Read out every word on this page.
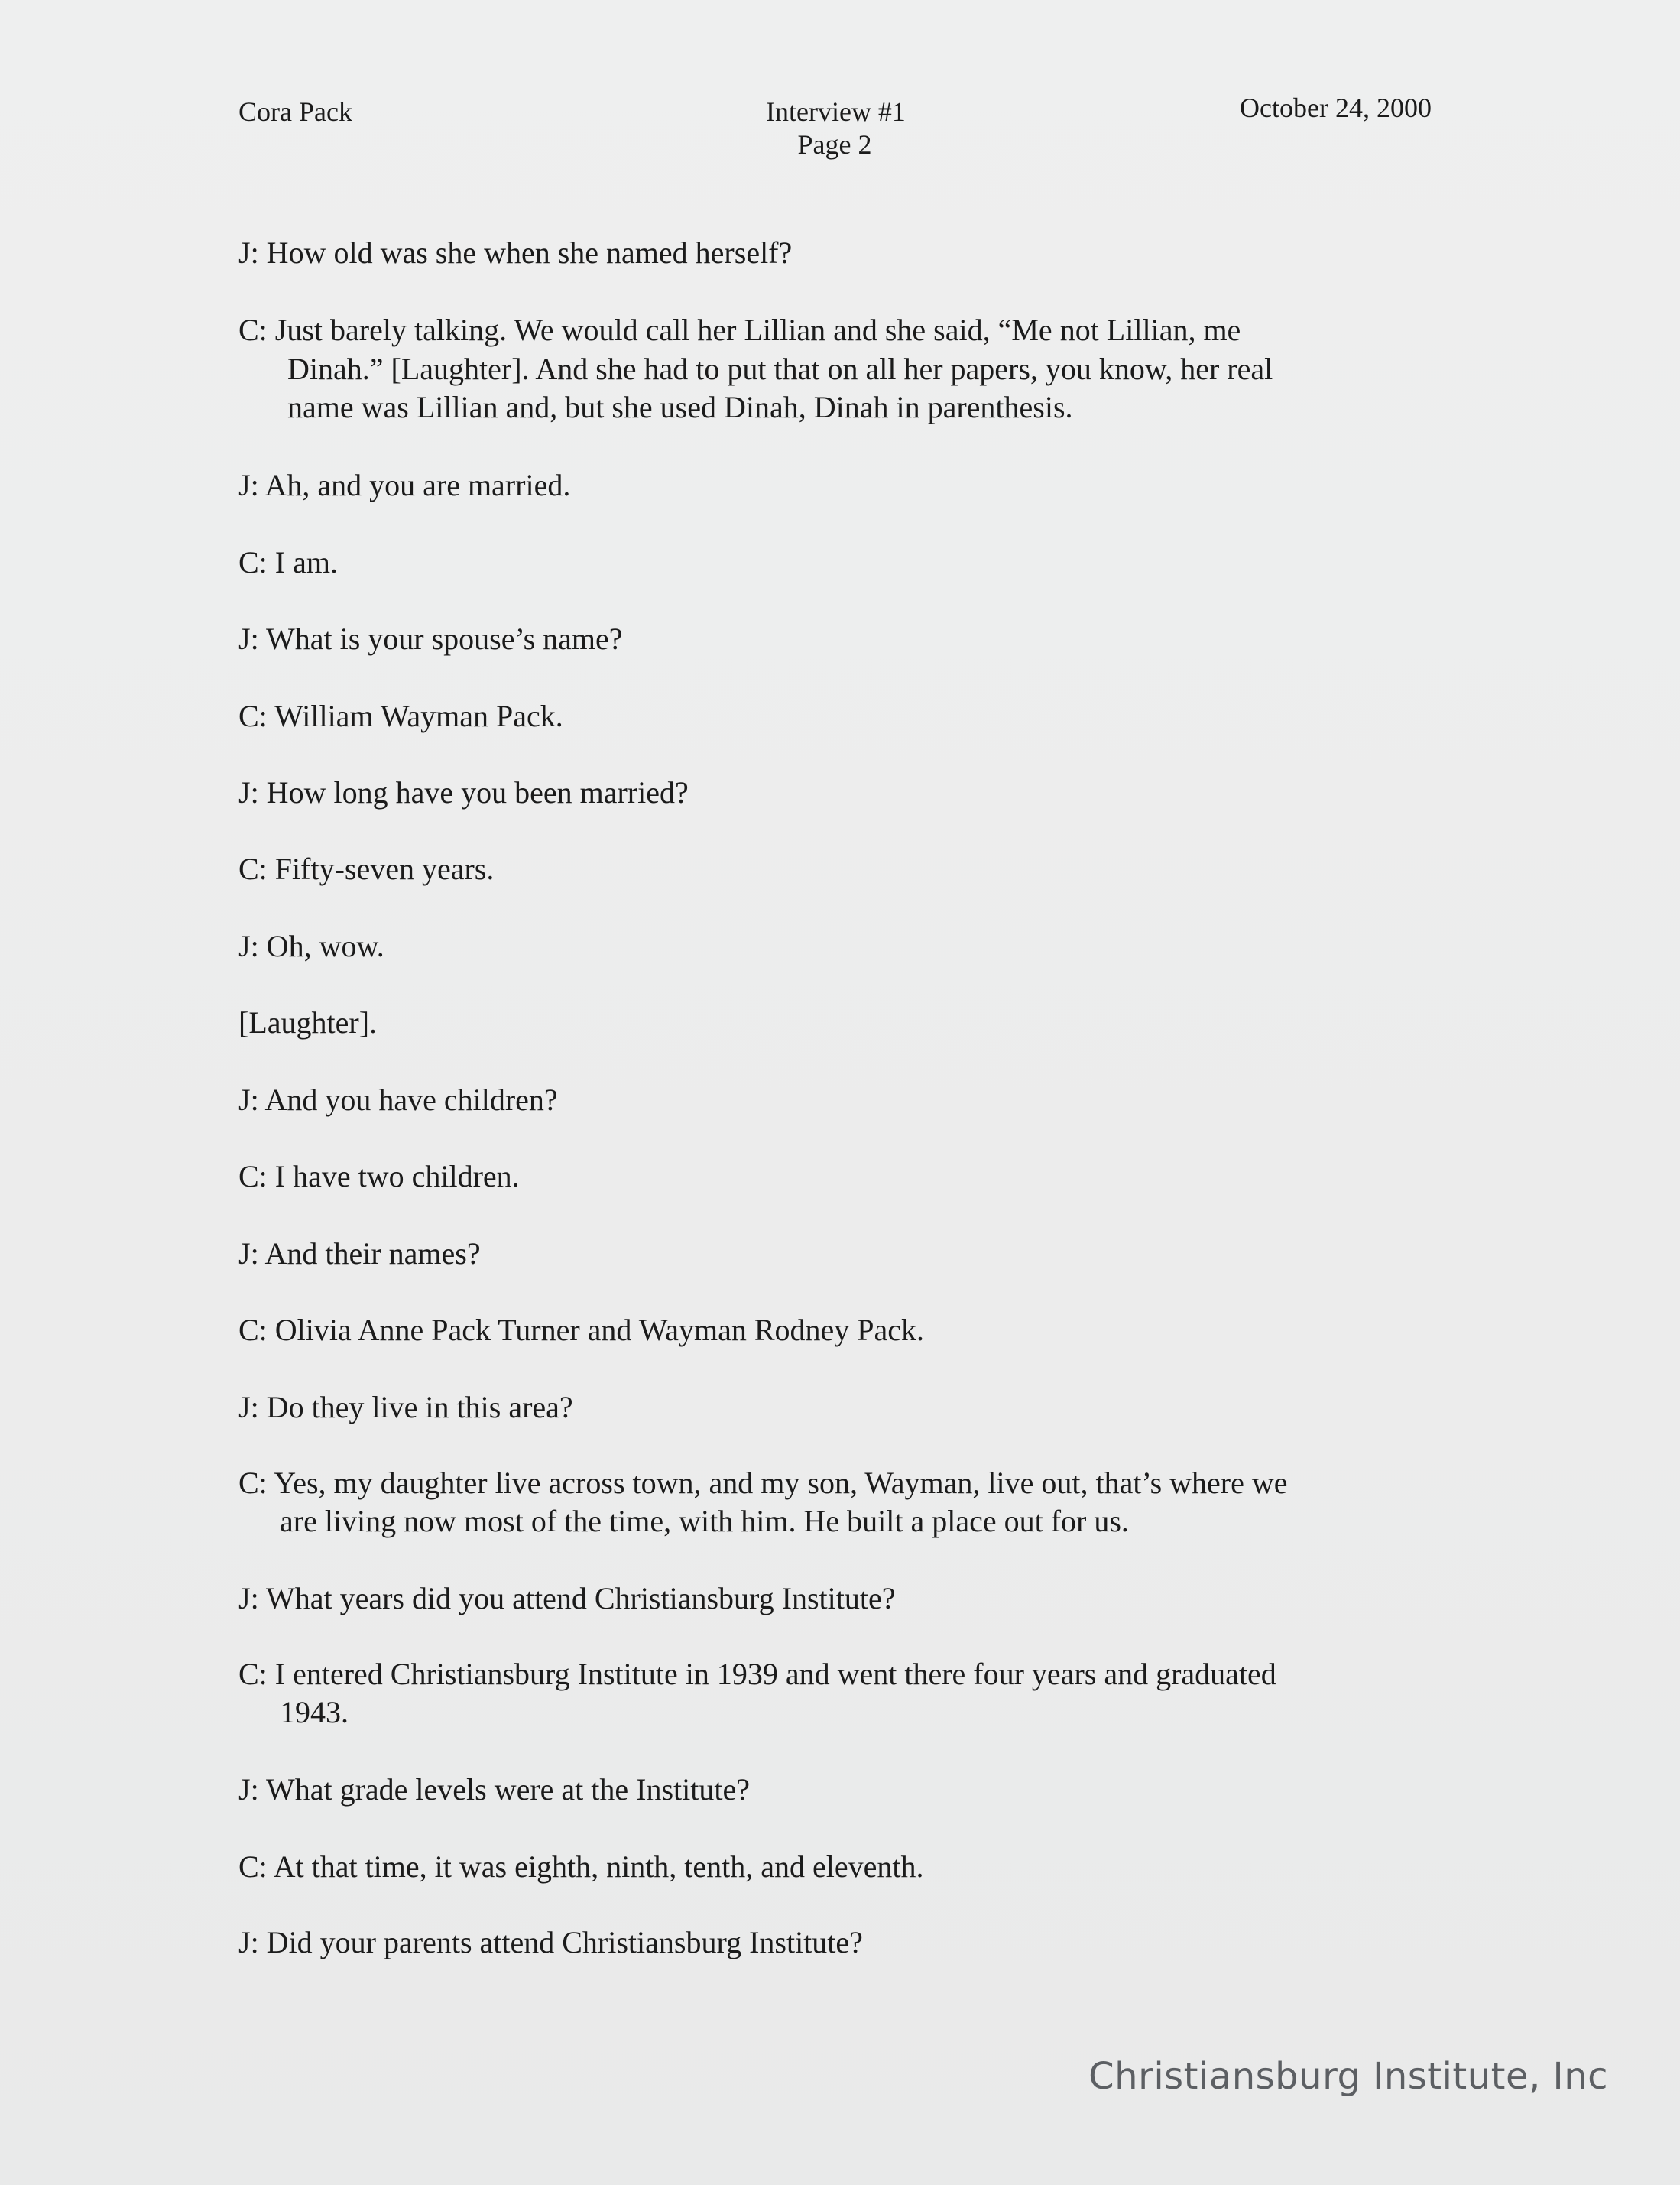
Cora Pack	Interview #1
Page 2
October 24, 2000
J: How old was she when she named herself?
C: Just barely talking. We would call her Lillian and she said, “Me not Lillian, me
Dinah.” [Laughter]. And she had to put that on all her papers, you know, her real
name was Lillian and, but she used Dinah, Dinah in parenthesis.
J: Ah, and you are married.
C: I am.
J: What is your spouse’s name?
C: William Wayman Pack.
J: How long have you been married?
C: Fifty-seven years.
J: Oh, wow.
[Laughter].
J: And you have children?
C: I have two children.
J: And their names?
C: Olivia Anne Pack Turner and Wayman Rodney Pack.
J: Do they live in this area?
C: Yes, my daughter live across town, and my son, Wayman, live out, that’s where we
are living now most of the time, with him. He built a place out for us.
J: What years did you attend Christiansburg Institute?
C: I entered Christiansburg Institute in 1939 and went there four years and graduated
1943.
J: What grade levels were at the Institute?
C: At that time, it was eighth, ninth, tenth, and eleventh.
J: Did your parents attend Christiansburg Institute?
Christiansburg Institute, Inc
